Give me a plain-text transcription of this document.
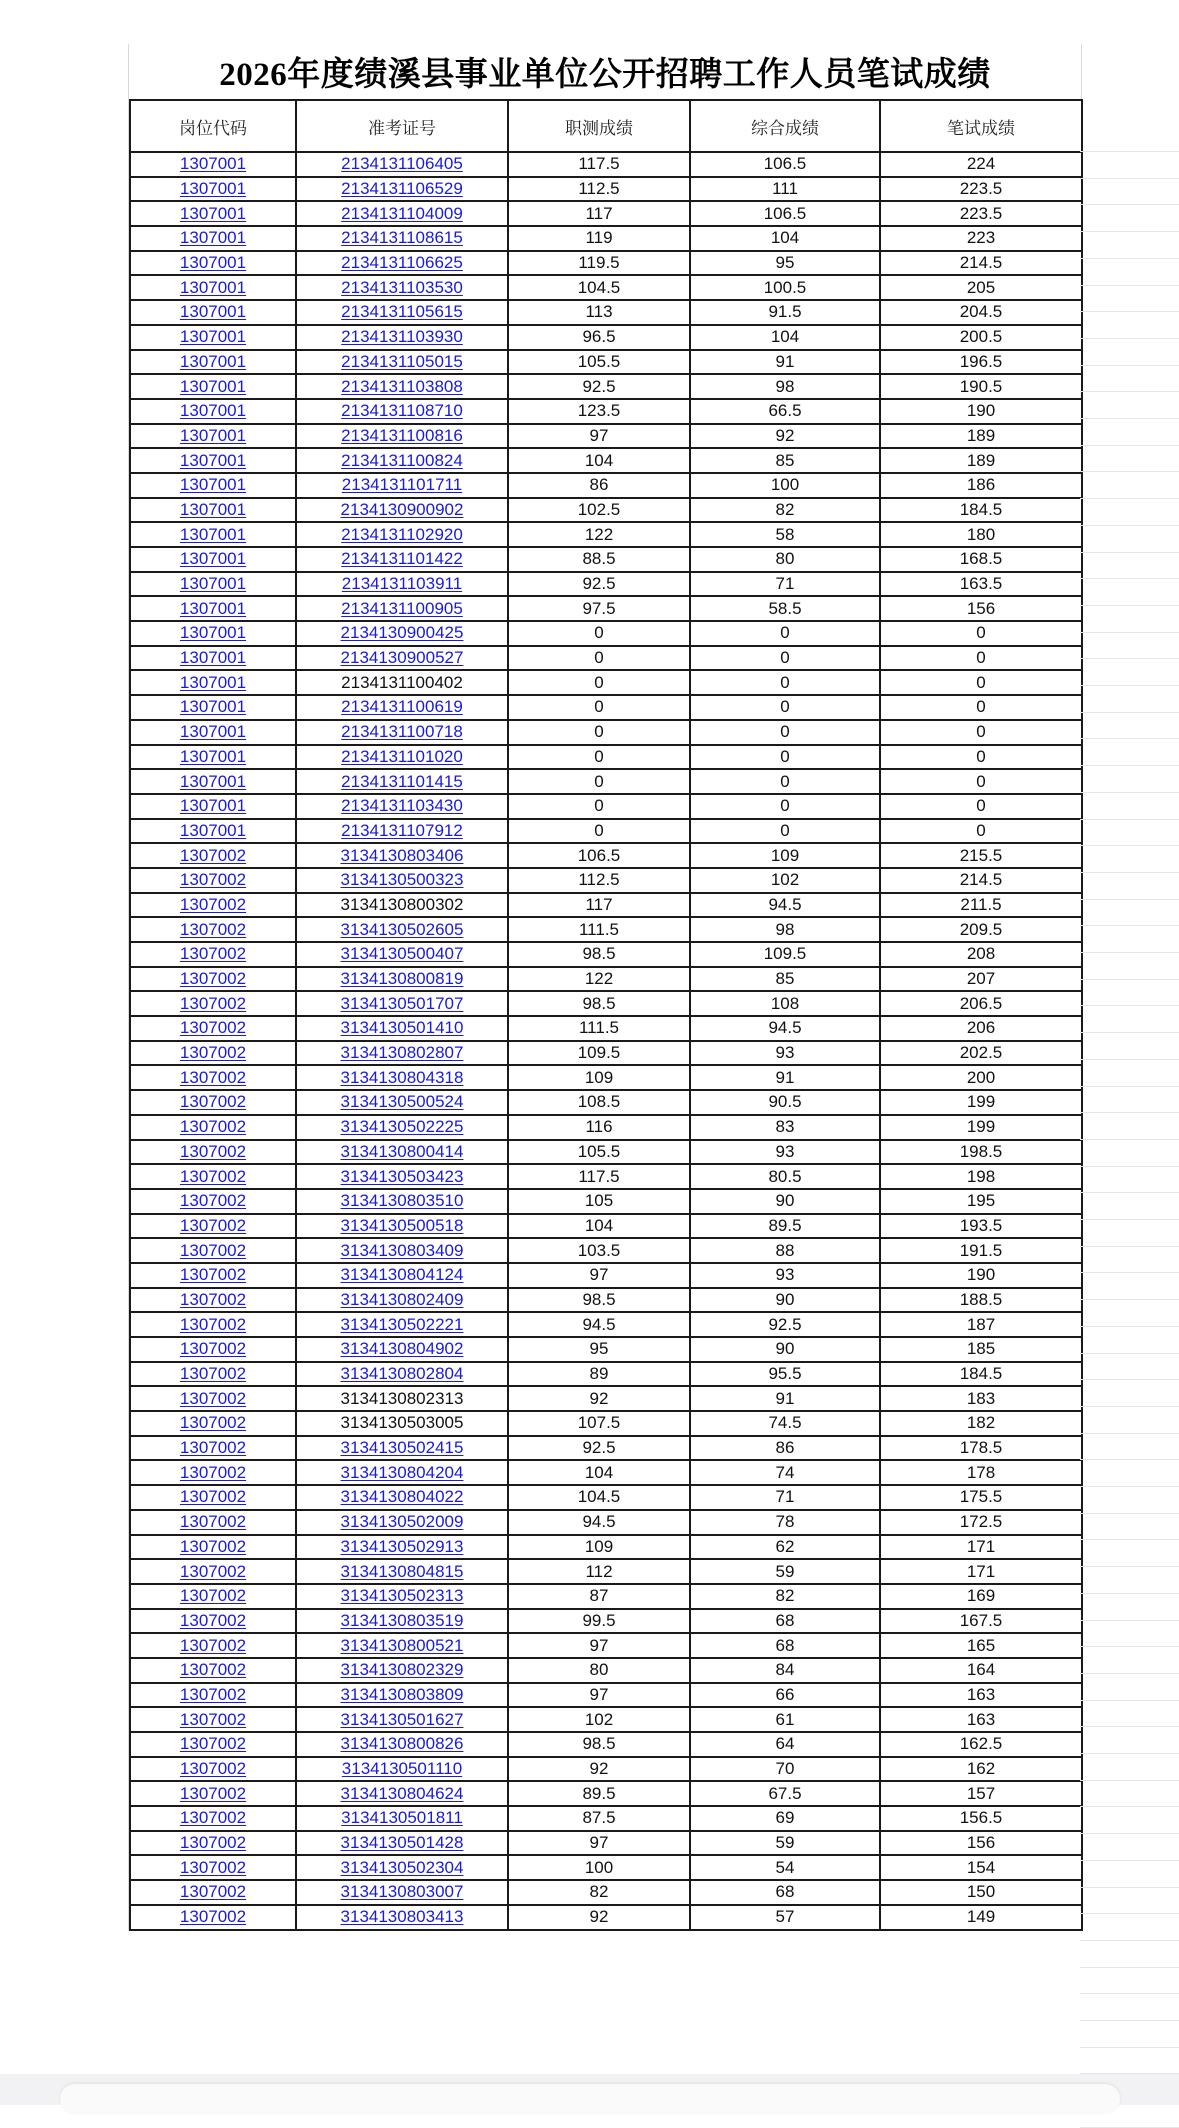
2026年度绩溪县事业单位公开招聘工作人员笔试成绩
岗位代码	准考证号	职测成绩	综合成绩	笔试成绩
1307001	2134131106405	117.5	106.5	224
1307001	2134131106529	112.5	111	223.5
1307001	2134131104009	117	106.5	223.5
1307001	2134131108615	119	104	223
1307001	2134131106625	119.5	95	214.5
1307001	2134131103530	104.5	100.5	205
1307001	2134131105615	113	91.5	204.5
1307001	2134131103930	96.5	104	200.5
1307001	2134131105015	105.5	91	196.5
1307001	2134131103808	92.5	98	190.5
1307001	2134131108710	123.5	66.5	190
1307001	2134131100816	97	92	189
1307001	2134131100824	104	85	189
1307001	2134131101711	86	100	186
1307001	2134130900902	102.5	82	184.5
1307001	2134131102920	122	58	180
1307001	2134131101422	88.5	80	168.5
1307001	2134131103911	92.5	71	163.5
1307001	2134131100905	97.5	58.5	156
1307001	2134130900425	0	0	0
1307001	2134130900527	0	0	0
1307001	2134131100402	0	0	0
1307001	2134131100619	0	0	0
1307001	2134131100718	0	0	0
1307001	2134131101020	0	0	0
1307001	2134131101415	0	0	0
1307001	2134131103430	0	0	0
1307001	2134131107912	0	0	0
1307002	3134130803406	106.5	109	215.5
1307002	3134130500323	112.5	102	214.5
1307002	3134130800302	117	94.5	211.5
1307002	3134130502605	111.5	98	209.5
1307002	3134130500407	98.5	109.5	208
1307002	3134130800819	122	85	207
1307002	3134130501707	98.5	108	206.5
1307002	3134130501410	111.5	94.5	206
1307002	3134130802807	109.5	93	202.5
1307002	3134130804318	109	91	200
1307002	3134130500524	108.5	90.5	199
1307002	3134130502225	116	83	199
1307002	3134130800414	105.5	93	198.5
1307002	3134130503423	117.5	80.5	198
1307002	3134130803510	105	90	195
1307002	3134130500518	104	89.5	193.5
1307002	3134130803409	103.5	88	191.5
1307002	3134130804124	97	93	190
1307002	3134130802409	98.5	90	188.5
1307002	3134130502221	94.5	92.5	187
1307002	3134130804902	95	90	185
1307002	3134130802804	89	95.5	184.5
1307002	3134130802313	92	91	183
1307002	3134130503005	107.5	74.5	182
1307002	3134130502415	92.5	86	178.5
1307002	3134130804204	104	74	178
1307002	3134130804022	104.5	71	175.5
1307002	3134130502009	94.5	78	172.5
1307002	3134130502913	109	62	171
1307002	3134130804815	112	59	171
1307002	3134130502313	87	82	169
1307002	3134130803519	99.5	68	167.5
1307002	3134130800521	97	68	165
1307002	3134130802329	80	84	164
1307002	3134130803809	97	66	163
1307002	3134130501627	102	61	163
1307002	3134130800826	98.5	64	162.5
1307002	3134130501110	92	70	162
1307002	3134130804624	89.5	67.5	157
1307002	3134130501811	87.5	69	156.5
1307002	3134130501428	97	59	156
1307002	3134130502304	100	54	154
1307002	3134130803007	82	68	150
1307002	3134130803413	92	57	149
